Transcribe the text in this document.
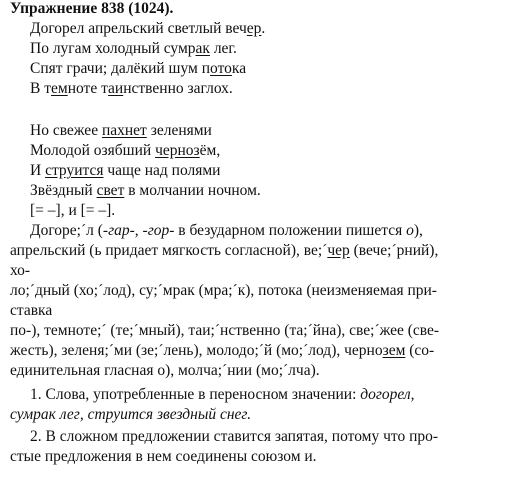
Упражнение 838 (1024).
Догорел апрельский светлый вечер.
По лугам холодный сумрак лег.
Спят грачи; далёкий шум потока
В темноте таинственно заглох.
Но свежее пахнет зеленями
Молодой озябший чернозём,
И струится чаще над полями
Звёздный свет в молчании ночном.
[= –], и [= –].
Догоре;´л (-гар-, -гор- в безударном положении пишется о),
апрельский (ь придает мягкость согласной), ве;´чер (вече;´рний),
хо-
ло;´дный (хо;´лод), су;´мрак (мра;´к), потока (неизменяемая при-
ставка
по-), темноте;´ (те;´мный), таи;´нственно (та;´йна), све;´жее (све-
жесть), зеленя;´ми (зе;´лень), молодо;´й (мо;´лод), чернозем (со-
единительная гласная о), молча;´нии (мо;´лча).
1. Слова, употребленные в переносном значении: догорел,
сумрак лег, струится звездный снег.
2. В сложном предложении ставится запятая, потому что про-
стые предложения в нем соединены союзом и.
